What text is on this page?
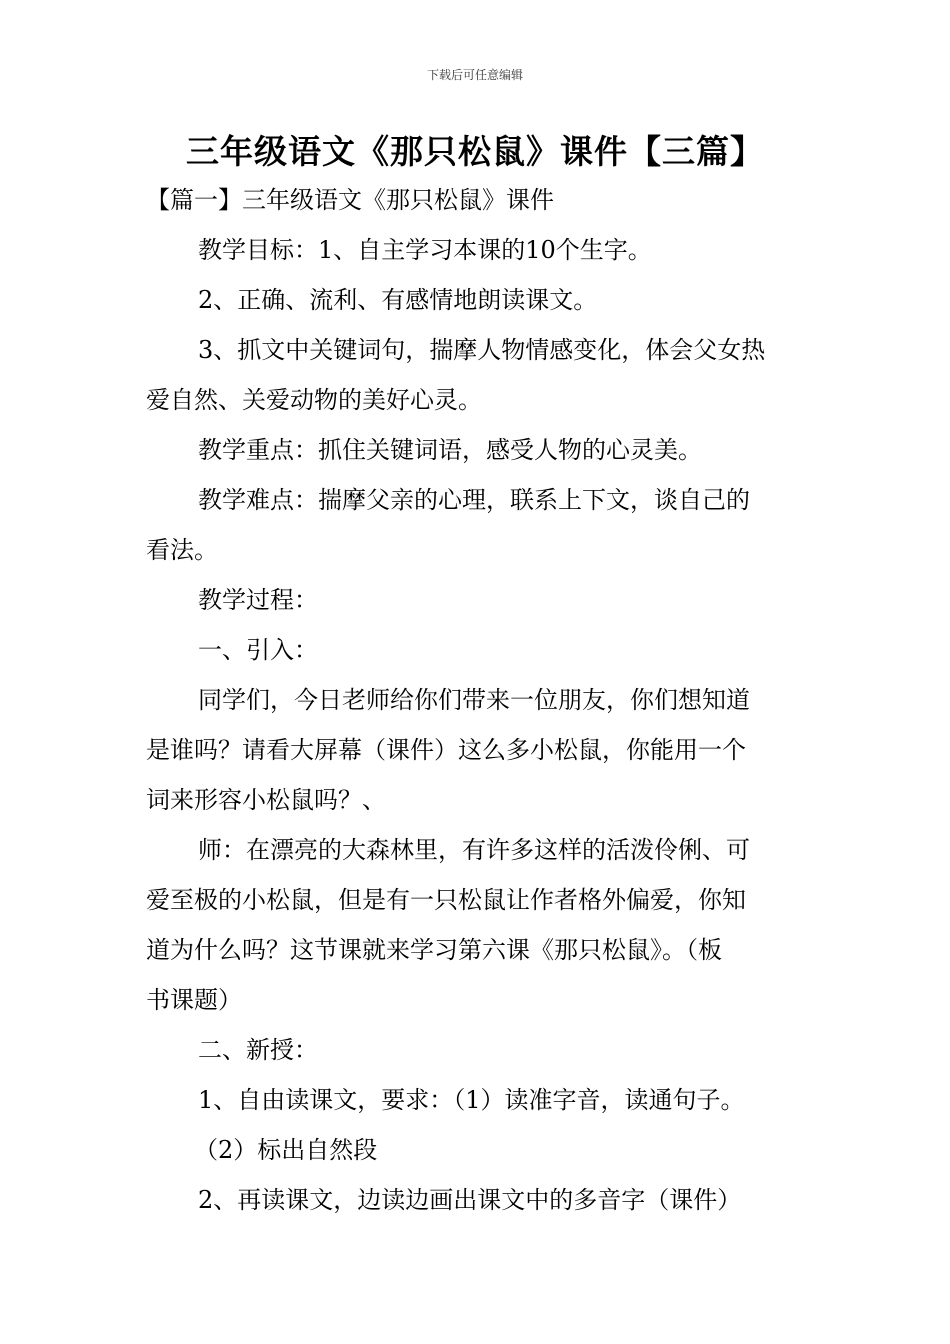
下载后可任意编辑
三年级语文《那只松鼠》课件【三篇】
【篇一】三年级语文《那只松鼠》课件
教学目标：1、自主学习本课的10个生字。
2、正确、流利、有感情地朗读课文。
3、抓文中关键词句，揣摩人物情感变化，体会父女热
爱自然、关爱动物的美好心灵。
教学重点：抓住关键词语，感受人物的心灵美。
教学难点：揣摩父亲的心理，联系上下文，谈自己的
看法。
教学过程：
一、引入：
同学们，今日老师给你们带来一位朋友，你们想知道
是谁吗？请看大屏幕（课件）这么多小松鼠，你能用一个
词来形容小松鼠吗？、
师：在漂亮的大森林里，有许多这样的活泼伶俐、可
爱至极的小松鼠，但是有一只松鼠让作者格外偏爱，你知
道为什么吗？这节课就来学习第六课《那只松鼠》。（板
书课题）
二、新授：
1、自由读课文，要求：（1）读准字音，读通句子。
（2）标出自然段
2、再读课文，边读边画出课文中的多音字（课件）
